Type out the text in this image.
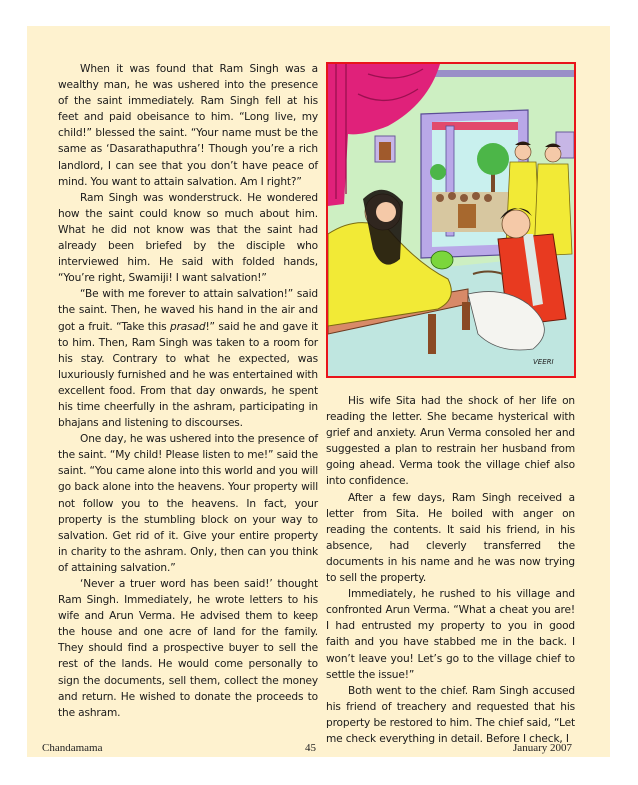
When it was found that Ram Singh was a wealthy man, he was ushered into the presence of the saint immediately. Ram Singh fell at his feet and paid obeisance to him. “Long live, my child!” blessed the saint. “Your name must be the same as ‘Dasarathaputhra’! Though you’re a rich landlord, I can see that you don’t have peace of mind. You want to attain salvation. Am I right?”

Ram Singh was wonderstruck. He wondered how the saint could know so much about him. What he did not know was that the saint had already been briefed by the disciple who interviewed him. He said with folded hands, “You’re right, Swamiji! I want salvation!”

“Be with me forever to attain salvation!” said the saint. Then, he waved his hand in the air and got a fruit. “Take this prasad!” said he and gave it to him. Then, Ram Singh was taken to a room for his stay. Contrary to what he expected, was luxuriously furnished and he was entertained with excellent food. From that day onwards, he spent his time cheerfully in the ashram, participating in bhajans and listening to discourses.

One day, he was ushered into the presence of the saint. “My child! Please listen to me!” said the saint. “You came alone into this world and you will go back alone into the heavens. Your property will not follow you to the heavens. In fact, your property is the stumbling block on your way to salvation. Get rid of it. Give your entire property in charity to the ashram. Only, then can you think of attaining salvation.”

‘Never a truer word has been said!’ thought Ram Singh. Immediately, he wrote letters to his wife and Arun Verma. He advised them to keep the house and one acre of land for the family. They should find a prospective buyer to sell the rest of the lands. He would come personally to sign the documents, sell them, collect the money and return. He wished to donate the proceeds to the ashram.

VEERI

His wife Sita had the shock of her life on reading the letter. She became hysterical with grief and anxiety. Arun Verma consoled her and suggested a plan to restrain her husband from going ahead. Verma took the village chief also into confidence.

After a few days, Ram Singh received a letter from Sita. He boiled with anger on reading the contents. It said his friend, in his absence, had cleverly transferred the documents in his name and he was now trying to sell the property.

Immediately, he rushed to his village and confronted Arun Verma. “What a cheat you are! I had entrusted my property to you in good faith and you have stabbed me in the back. I won’t leave you! Let’s go to the village chief to settle the issue!”

Both went to the chief. Ram Singh accused his friend of treachery and requested that his property be restored to him. The chief said, “Let me check everything in detail. Before I check, I

Chandamama	45	January 2007
